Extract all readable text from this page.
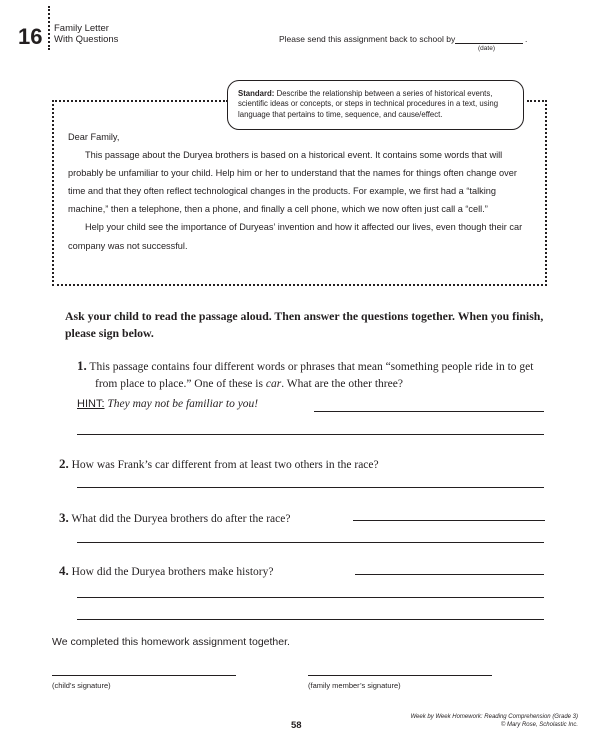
16 Family Letter
With Questions	Please send this assignment back to school by	.
(date)
Standard: Describe the relationship between a series of historical events, scientific ideas or concepts, or steps in technical procedures in a text, using language that pertains to time, sequence, and cause/effect.

Dear Family,

This passage about the Duryea brothers is based on a historical event. It contains some words that will probably be unfamiliar to your child. Help him or her to understand that the names for things often change over time and that they often reflect technological changes in the products. For example, we first had a “talking machine,” then a telephone, then a phone, and finally a cell phone, which we now often just call a “cell.”

Help your child see the importance of Duryeas’ invention and how it affected our lives, even though their car company was not successful.

Ask your child to read the passage aloud. Then answer the questions together. When you finish, please sign below.
1. This passage contains four different words or phrases that mean “something people ride in to get from place to place.” One of these is car. What are the other three?
HINT: They may not be familiar to you!
2. How was Frank’s car different from at least two others in the race?
3. What did the Duryea brothers do after the race?
4. How did the Duryea brothers make history?
We completed this homework assignment together.
(child’s signature)	(family member’s signature)
58
Week by Week Homework: Reading Comprehension (Grade 3)
© Mary Rose, Scholastic Inc.
